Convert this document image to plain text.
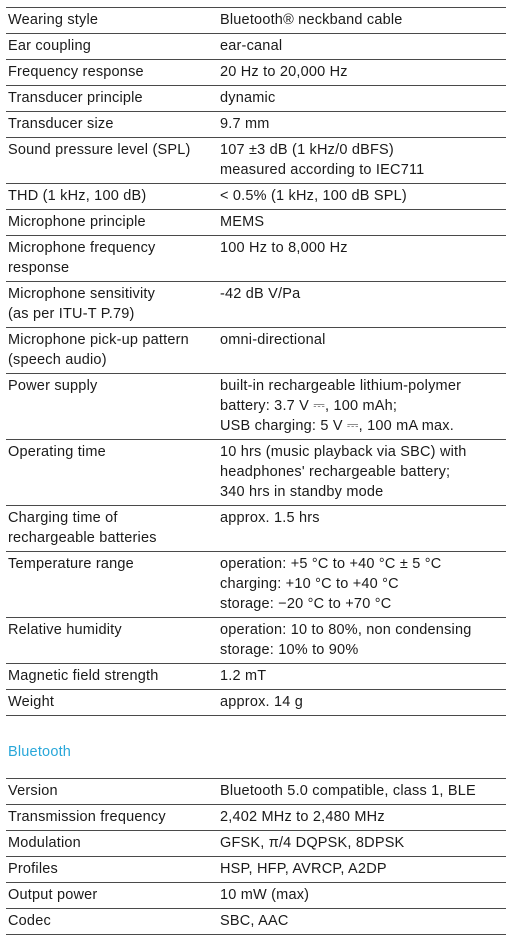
Wearing style	Bluetooth® neckband cable

Ear coupling	ear-canal

Frequency response	20 Hz to 20,000 Hz

Transducer principle	dynamic

Transducer size	9.7 mm

Sound pressure level (SPL)	107 ±3 dB (1 kHz/0 dBFS)
measured according to IEC711

THD (1 kHz, 100 dB)	< 0.5% (1 kHz, 100 dB SPL)

Microphone principle	MEMS

Microphone frequency
response	100 Hz to 8,000 Hz

Microphone sensitivity
(as per ITU-T P.79)	-42 dB V/Pa

Microphone pick-up pattern
(speech audio)	omni-directional

Power supply	built-in rechargeable lithium-polymer
battery: 3.7 V ⎓, 100 mAh;
USB charging: 5 V ⎓, 100 mA max.

Operating time	10 hrs (music playback via SBC) with
headphones' rechargeable battery;
340 hrs in standby mode

Charging time of
rechargeable batteries	approx. 1.5 hrs

Temperature range	operation: +5 °C to +40 °C ± 5 °C
charging: +10 °C to +40 °C
storage: −20 °C to +70 °C

Relative humidity	operation: 10 to 80%, non condensing
storage: 10% to 90%

Magnetic field strength	1.2 mT

Weight	approx. 14 g
Bluetooth
Version	Bluetooth 5.0 compatible, class 1, BLE

Transmission frequency	2,402 MHz to 2,480 MHz

Modulation	GFSK, π/4 DQPSK, 8DPSK

Profiles	HSP, HFP, AVRCP, A2DP

Output power	10 mW (max)

Codec	SBC, AAC
